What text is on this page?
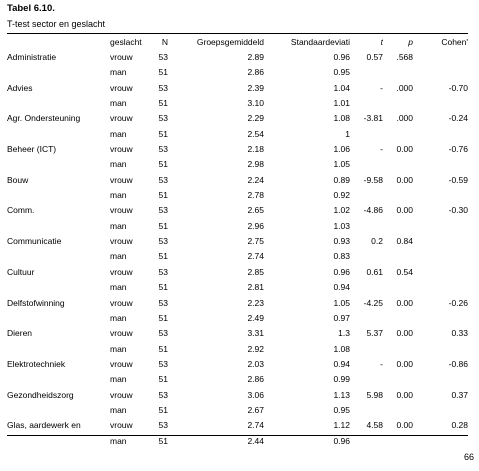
Tabel 6.10.
T-test sector en geslacht
	geslacht	N	Groepsgemiddeld	Standaardeviati	t	p	Cohen'
Administratie	vrouw	53	2.89	0.96	0.57	.568	
	man	51	2.86	0.95			
Advies	vrouw	53	2.39	1.04	-	.000	-0.70
	man	51	3.10	1.01			
Agr. Ondersteuning	vrouw	53	2.29	1.08	-3.81	.000	-0.24
	man	51	2.54	1			
Beheer (ICT)	vrouw	53	2.18	1.06	-	0.00	-0.76
	man	51	2.98	1.05			
Bouw	vrouw	53	2.24	0.89	-9.58	0.00	-0.59
	man	51	2.78	0.92			
Comm.	vrouw	53	2.65	1.02	-4.86	0.00	-0.30
	man	51	2.96	1.03			
Communicatie	vrouw	53	2.75	0.93	0.2	0.84	
	man	51	2.74	0.83			
Cultuur	vrouw	53	2.85	0.96	0.61	0.54	
	man	51	2.81	0.94			
Delfstofwinning	vrouw	53	2.23	1.05	-4.25	0.00	-0.26
	man	51	2.49	0.97			
Dieren	vrouw	53	3.31	1.3	5.37	0.00	0.33
	man	51	2.92	1.08			
Elektrotechniek	vrouw	53	2.03	0.94	-	0.00	-0.86
	man	51	2.86	0.99			
Gezondheidszorg	vrouw	53	3.06	1.13	5.98	0.00	0.37
	man	51	2.67	0.95			
Glas, aardewerk en	vrouw	53	2.74	1.12	4.58	0.00	0.28
	man	51	2.44	0.96			
66
